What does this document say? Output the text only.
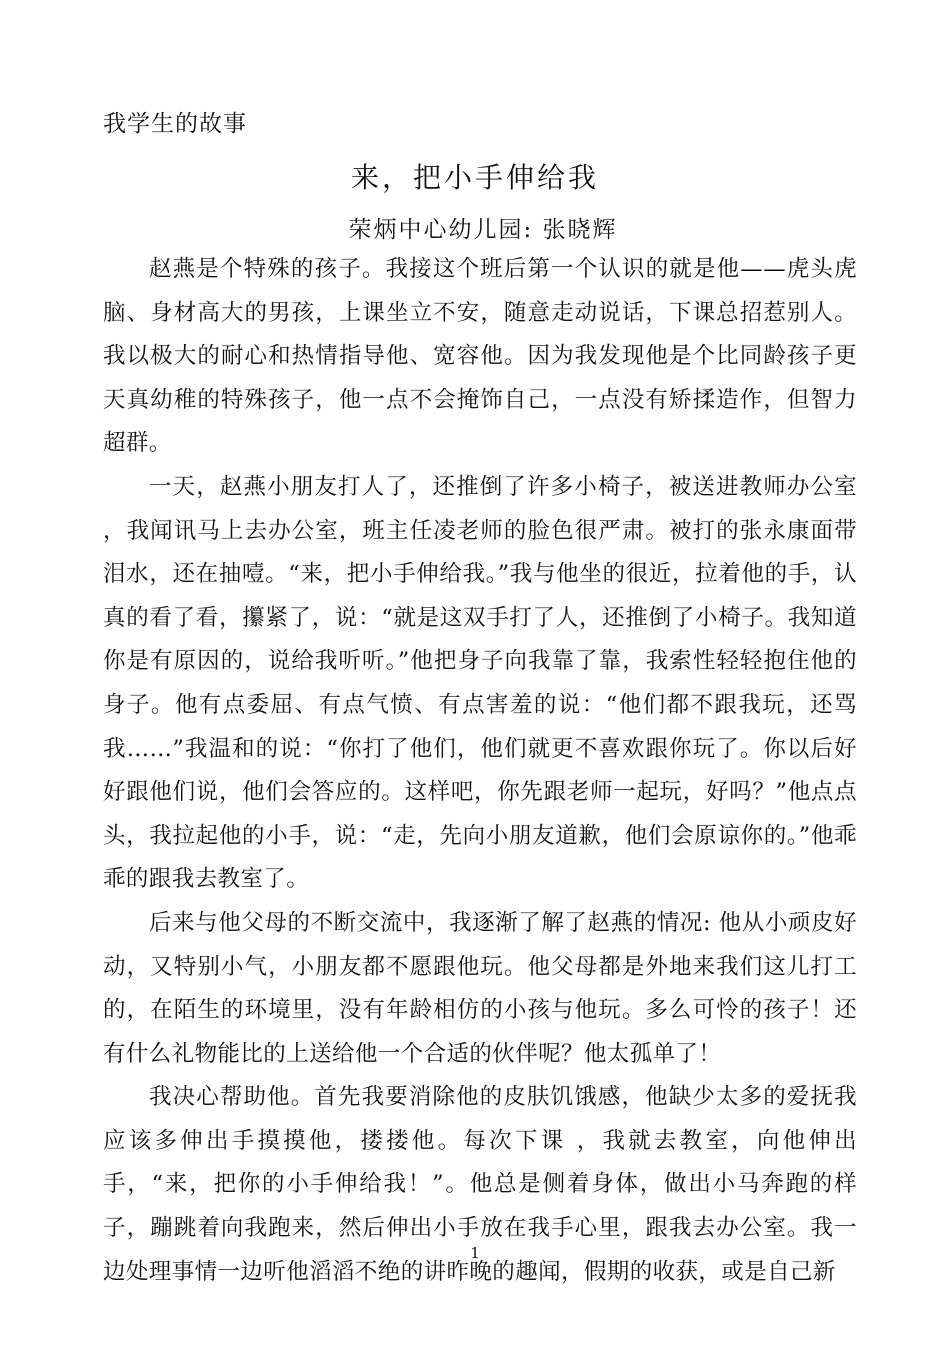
我学生的故事
来，把小手伸给我
荣炳中心幼儿园: 张晓辉

赵燕是个特殊的孩子。我接这个班后第一个认识的就是他——虎头虎脑、身材高大的男孩，上课坐立不安，随意走动说话，下课总招惹别人。我以极大的耐心和热情指导他、宽容他。因为我发现他是个比同龄孩子更天真幼稚的特殊孩子，他一点不会掩饰自己，一点没有矫揉造作，但智力超群。

一天，赵燕小朋友打人了，还推倒了许多小椅子，被送进教师办公室 ，我闻讯马上去办公室，班主任凌老师的脸色很严肃。被打的张永康面带泪水，还在抽噎。“来，把小手伸给我。”我与他坐的很近，拉着他的手，认真的看了看，攥紧了，说：“就是这双手打了人，还推倒了小椅子。我知道你是有原因的，说给我听听。”他把身子向我靠了靠，我索性轻轻抱住他的身子。他有点委屈、有点气愤、有点害羞的说：“他们都不跟我玩，还骂我……”我温和的说：“你打了他们，他们就更不喜欢跟你玩了。你以后好好跟他们说，他们会答应的。这样吧，你先跟老师一起玩，好吗？”他点点头，我拉起他的小手，说：“走，先向小朋友道歉，他们会原谅你的。”他乖乖的跟我去教室了。

后来与他父母的不断交流中，我逐渐了解了赵燕的情况: 他从小顽皮好动，又特别小气，小朋友都不愿跟他玩。他父母都是外地来我们这儿打工的，在陌生的环境里，没有年龄相仿的小孩与他玩。多么可怜的孩子！还有什么礼物能比的上送给他一个合适的伙伴呢？他太孤单了！

我决心帮助他。首先我要消除他的皮肤饥饿感，他缺少太多的爱抚我应该多伸出手摸摸他，搂搂他。每次下课 ，我就去教室，向他伸出手，“来，把你的小手伸给我！”。他总是侧着身体，做出小马奔跑的样子，蹦跳着向我跑来，然后伸出小手放在我手心里，跟我去办公室。我一边处理事情一边听他滔滔不绝的讲昨晚的趣闻，假期的收获，或是自己新

1
